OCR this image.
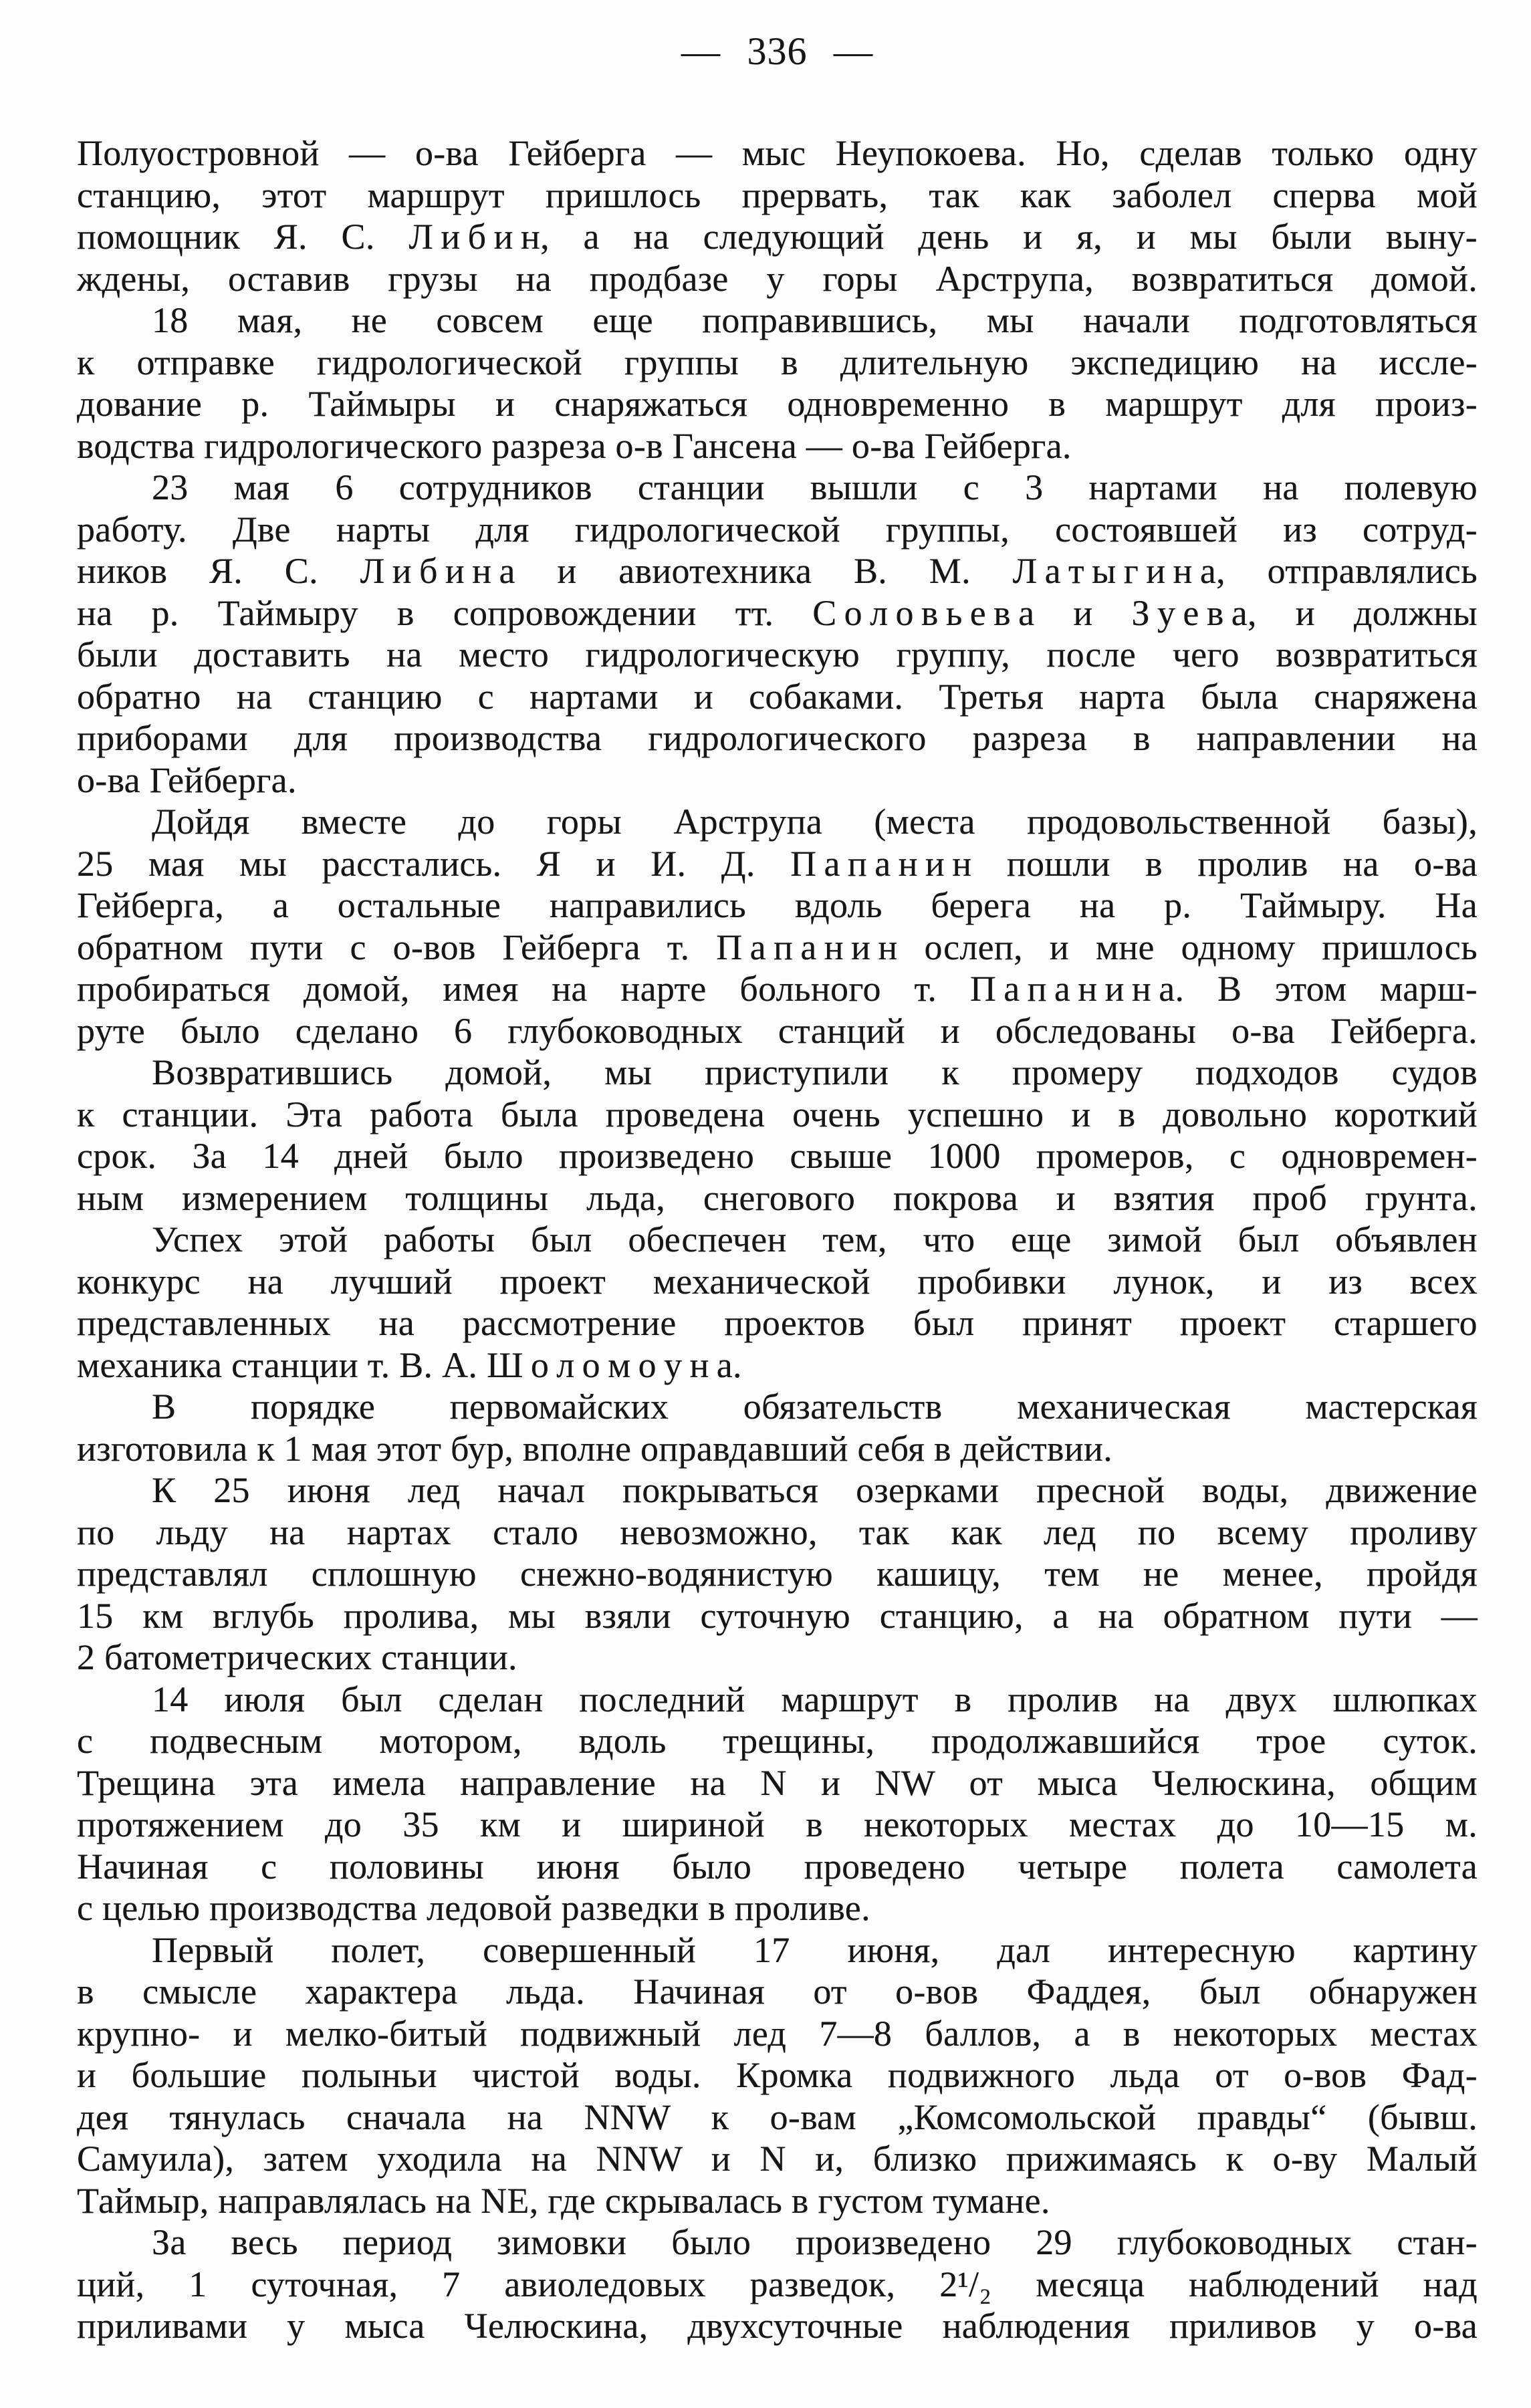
— 336 —

Полуостровной — о-ва Гейберга — мыс Неупокоева. Но, сделав только одну
станцию, этот маршрут пришлось прервать, так как заболел сперва мой
помощник Я. С. Л и б и н, а на следующий день и я, и мы были выну-
ждены, оставив грузы на продбазе у горы Арструпа, возвратиться домой.

18 мая, не совсем еще поправившись, мы начали подготовляться
к отправке гидрологической группы в длительную экспедицию на иссле-
дование р. Таймыры и снаряжаться одновременно в маршрут для произ-
водства гидрологического разреза о-в Гансена — о-ва Гейберга.

23 мая 6 сотрудников станции вышли с 3 нартами на полевую
работу. Две нарты для гидрологической группы, состоявшей из сотруд-
ников Я. С. Л и б и н а и авиотехника В. М. Л а т ы г и н а, отправлялись
на р. Таймыру в сопровождении тт. С о л о в ь е в а и З у е в а, и должны
были доставить на место гидрологическую группу, после чего возвратиться
обратно на станцию с нартами и собаками. Третья нарта была снаряжена
приборами для производства гидрологического разреза в направлении на
о-ва Гейберга.

Дойдя вместе до горы Арструпа (места продовольственной базы),
25 мая мы расстались. Я и И. Д. П а п а н и н пошли в пролив на о-ва
Гейберга, а остальные направились вдоль берега на р. Таймыру. На
обратном пути с о-вов Гейберга т. П а п а н и н ослеп, и мне одному пришлось
пробираться домой, имея на нарте больного т. П а п а н и н а. В этом марш-
руте было сделано 6 глубоководных станций и обследованы о-ва Гейберга.

Возвратившись домой, мы приступили к промеру подходов судов
к станции. Эта работа была проведена очень успешно и в довольно короткий
срок. За 14 дней было произведено свыше 1000 промеров, с одновремен-
ным измерением толщины льда, снегового покрова и взятия проб грунта.

Успех этой работы был обеспечен тем, что еще зимой был объявлен
конкурс на лучший проект механической пробивки лунок, и из всех
представленных на рассмотрение проектов был принят проект старшего
механика станции т. В. А. Ш о л о м о у н а.

В порядке первомайских обязательств механическая мастерская
изготовила к 1 мая этот бур, вполне оправдавший себя в действии.

К 25 июня лед начал покрываться озерками пресной воды, движение
по льду на нартах стало невозможно, так как лед по всему проливу
представлял сплошную снежно-водянистую кашицу, тем не менее, пройдя
15 км вглубь пролива, мы взяли суточную станцию, а на обратном пути —
2 батометрических станции.

14 июля был сделан последний маршрут в пролив на двух шлюпках
с подвесным мотором, вдоль трещины, продолжавшийся трое суток.
Трещина эта имела направление на N и NW от мыса Челюскина, общим
протяжением до 35 км и шириной в некоторых местах до 10—15 м.
Начиная с половины июня было проведено четыре полета самолета
с целью производства ледовой разведки в проливе.

Первый полет, совершенный 17 июня, дал интересную картину
в смысле характера льда. Начиная от о-вов Фаддея, был обнаружен
крупно- и мелко-битый подвижный лед 7—8 баллов, а в некоторых местах
и большие полыньи чистой воды. Кромка подвижного льда от о-вов Фад-
дея тянулась сначала на NNW к о-вам „Комсомольской правды“ (бывш.
Самуила), затем уходила на NNW и N и, близко прижимаясь к о-ву Малый
Таймыр, направлялась на NE, где скрывалась в густом тумане.

За весь период зимовки было произведено 29 глубоководных стан-
ций, 1 суточная, 7 авиоледовых разведок, 2¹/₂ месяца наблюдений над
приливами у мыса Челюскина, двухсуточные наблюдения приливов у о-ва
